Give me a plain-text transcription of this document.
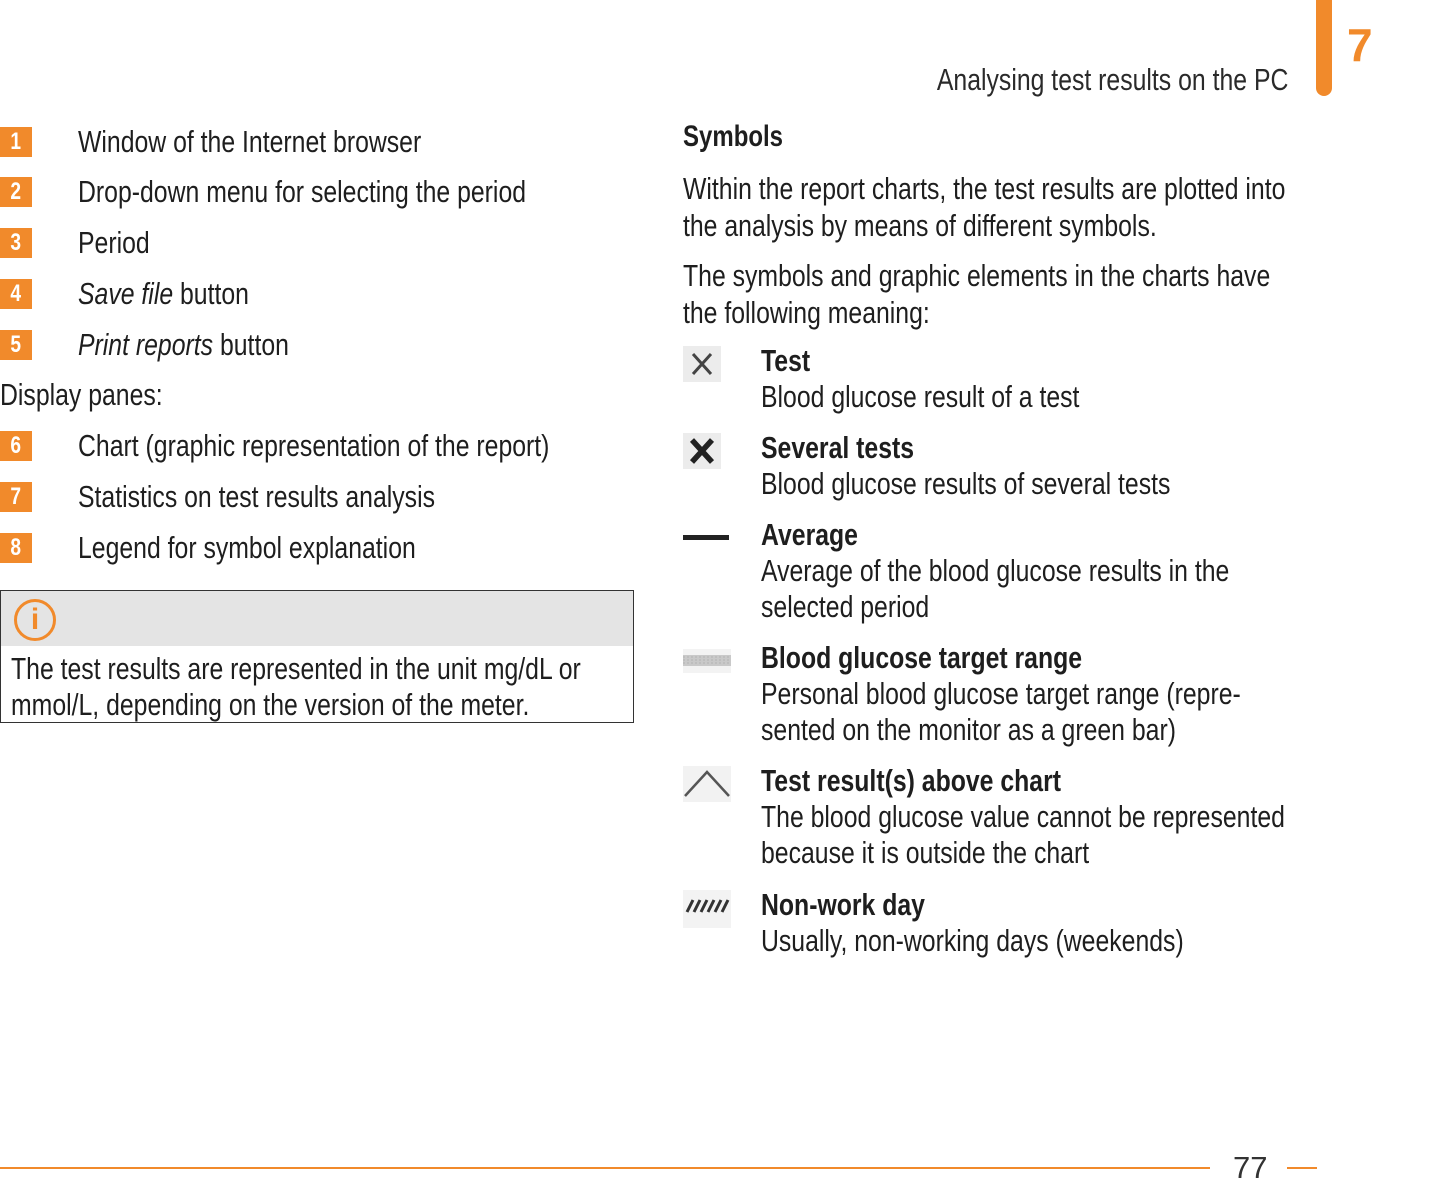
Analysing test results on the PC
7
1	Window of the Internet browser
2	Drop-down menu for selecting the period
3	Period
4	Save file button
5	Print reports button
Display panes:
6	Chart (graphic representation of the report)
7	Statistics on test results analysis
8	Legend for symbol explanation
i
The test results are represented in the unit mg/dL or
mmol/L, depending on the version of the meter.
Symbols
Within the report charts, the test results are plotted into
the analysis by means of different symbols.
The symbols and graphic elements in the charts have
the following meaning:
Test
Blood glucose result of a test
Several tests
Blood glucose results of several tests
Average
Average of the blood glucose results in the
selected period
Blood glucose target range
Personal blood glucose target range (repre-
sented on the monitor as a green bar)
Test result(s) above chart
The blood glucose value cannot be represented
because it is outside the chart
Non-work day
Usually, non-working days (weekends)
77
